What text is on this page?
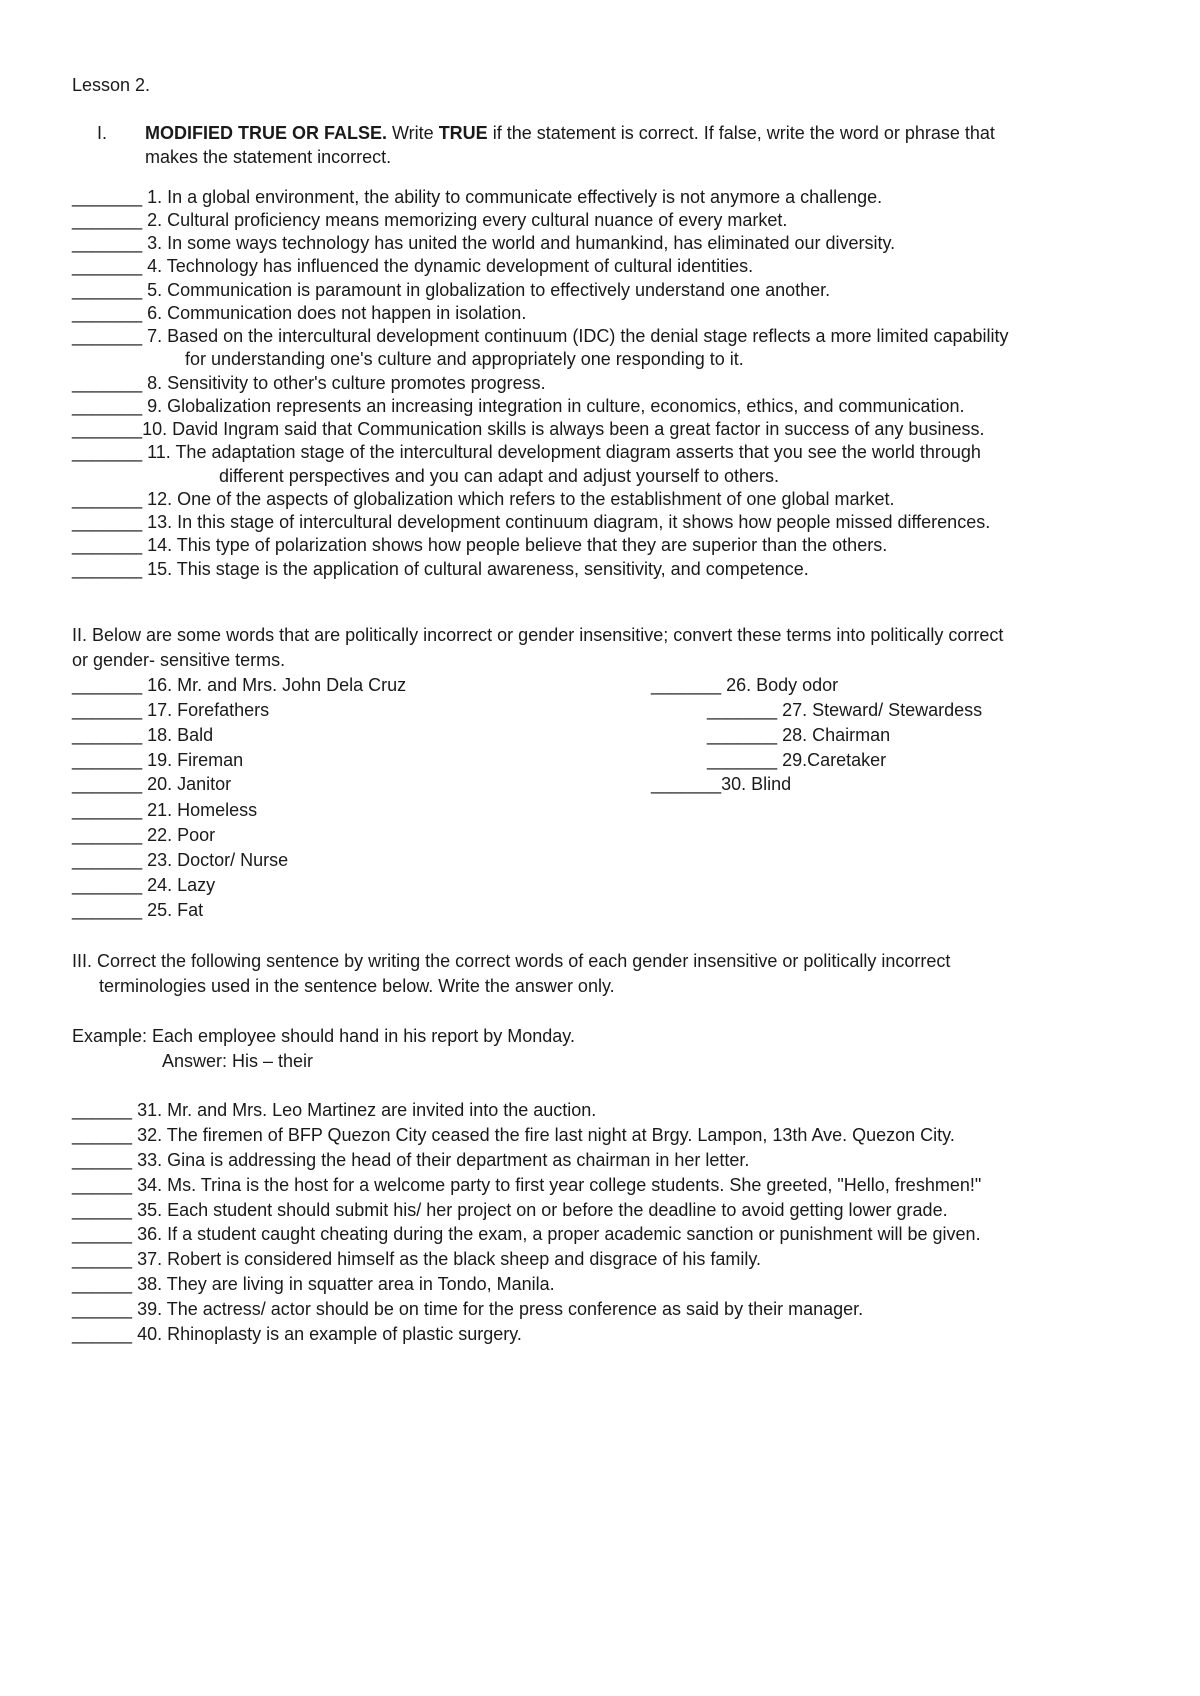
Lesson 2.
I. MODIFIED TRUE OR FALSE. Write TRUE if the statement is correct. If false, write the word or phrase that
makes the statement incorrect.
_______ 1. In a global environment, the ability to communicate effectively is not anymore a challenge.
_______ 2. Cultural proficiency means memorizing every cultural nuance of every market.
_______ 3. In some ways technology has united the world and humankind, has eliminated our diversity.
_______ 4. Technology has influenced the dynamic development of cultural identities.
_______ 5. Communication is paramount in globalization to effectively understand one another.
_______ 6. Communication does not happen in isolation.
_______ 7. Based on the intercultural development continuum (IDC) the denial stage reflects a more limited capability
for understanding one's culture and appropriately one responding to it.
_______ 8. Sensitivity to other's culture promotes progress.
_______ 9. Globalization represents an increasing integration in culture, economics, ethics, and communication.
_______10. David Ingram said that Communication skills is always been a great factor in success of any business.
_______ 11. The adaptation stage of the intercultural development diagram asserts that you see the world through
different perspectives and you can adapt and adjust yourself to others.
_______ 12. One of the aspects of globalization which refers to the establishment of one global market.
_______ 13. In this stage of intercultural development continuum diagram, it shows how people missed differences.
_______ 14. This type of polarization shows how people believe that they are superior than the others.
_______ 15. This stage is the application of cultural awareness, sensitivity, and competence.
II. Below are some words that are politically incorrect or gender insensitive; convert these terms into politically correct
or gender- sensitive terms.
_______ 16. Mr. and Mrs. John Dela Cruz
_______ 17. Forefathers
_______ 18. Bald
_______ 19. Fireman
_______ 20. Janitor
_______ 21. Homeless
_______ 22. Poor
_______ 23. Doctor/ Nurse
_______ 24. Lazy
_______ 25. Fat
_______ 26. Body odor
_______ 27. Steward/ Stewardess
_______ 28. Chairman
_______ 29.Caretaker
_______30. Blind
III. Correct the following sentence by writing the correct words of each gender insensitive or politically incorrect
terminologies used in the sentence below. Write the answer only.
Example: Each employee should hand in his report by Monday.
Answer: His – their
______ 31. Mr. and Mrs. Leo Martinez are invited into the auction.
______ 32. The firemen of BFP Quezon City ceased the fire last night at Brgy. Lampon, 13th Ave. Quezon City.
______ 33. Gina is addressing the head of their department as chairman in her letter.
______ 34. Ms. Trina is the host for a welcome party to first year college students. She greeted, "Hello, freshmen!"
______ 35. Each student should submit his/ her project on or before the deadline to avoid getting lower grade.
______ 36. If a student caught cheating during the exam, a proper academic sanction or punishment will be given.
______ 37. Robert is considered himself as the black sheep and disgrace of his family.
______ 38. They are living in squatter area in Tondo, Manila.
______ 39. The actress/ actor should be on time for the press conference as said by their manager.
______ 40. Rhinoplasty is an example of plastic surgery.
